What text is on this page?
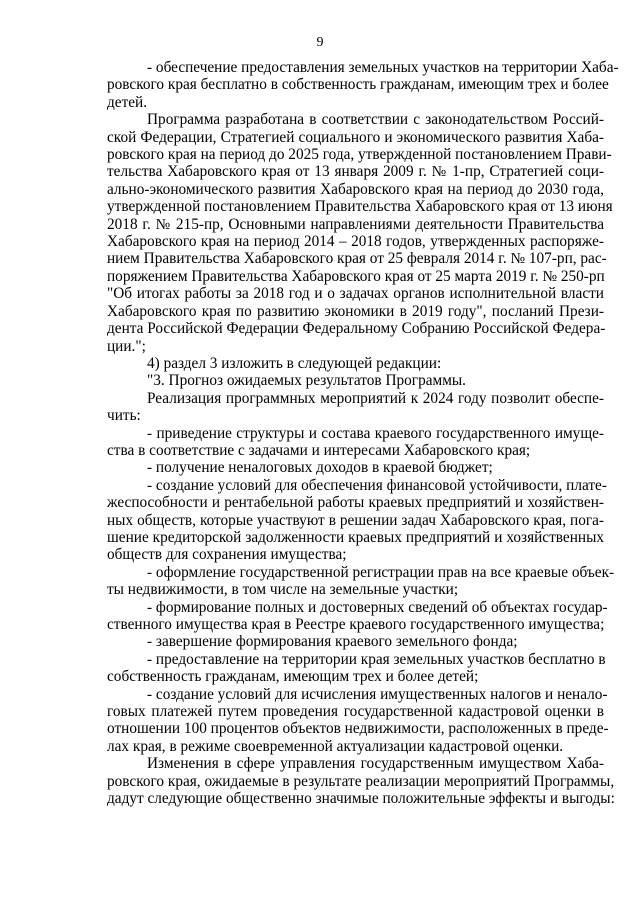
9
- обеспечение предоставления земельных участков на территории Хаба-
ровского края бесплатно в собственность гражданам, имеющим трех и более
детей.
Программа разработана в соответствии с законодательством Россий-
ской Федерации, Стратегией социального и экономического развития Хаба-
ровского края на период до 2025 года, утвержденной постановлением Прави-
тельства Хабаровского края от 13 января 2009 г. № 1-пр, Стратегией соци-
ально-экономического развития Хабаровского края на период до 2030 года,
утвержденной постановлением Правительства Хабаровского края от 13 июня
2018 г. № 215-пр, Основными направлениями деятельности Правительства
Хабаровского края на период 2014 – 2018 годов, утвержденных распоряже-
нием Правительства Хабаровского края от 25 февраля 2014 г. № 107-рп, рас-
поряжением Правительства Хабаровского края от 25 марта 2019 г. № 250-рп
"Об итогах работы за 2018 год и о задачах органов исполнительной власти
Хабаровского края по развитию экономики в 2019 году", посланий Прези-
дента Российской Федерации Федеральному Собранию Российской Федера-
ции.";
4) раздел 3 изложить в следующей редакции:
"3. Прогноз ожидаемых результатов Программы.
Реализация программных мероприятий к 2024 году позволит обеспе-
чить:
- приведение структуры и состава краевого государственного имуще-
ства в соответствие с задачами и интересами Хабаровского края;
- получение неналоговых доходов в краевой бюджет;
- создание условий для обеспечения финансовой устойчивости, плате-
жеспособности и рентабельной работы краевых предприятий и хозяйствен-
ных обществ, которые участвуют в решении задач Хабаровского края, пога-
шение кредиторской задолженности краевых предприятий и хозяйственных
обществ для сохранения имущества;
- оформление государственной регистрации прав на все краевые объек-
ты недвижимости, в том числе на земельные участки;
- формирование полных и достоверных сведений об объектах государ-
ственного имущества края в Реестре краевого государственного имущества;
- завершение формирования краевого земельного фонда;
- предоставление на территории края земельных участков бесплатно в
собственность гражданам, имеющим трех и более детей;
- создание условий для исчисления имущественных налогов и ненало-
говых платежей путем проведения государственной кадастровой оценки в
отношении 100 процентов объектов недвижимости, расположенных в преде-
лах края, в режиме своевременной актуализации кадастровой оценки.
Изменения в сфере управления государственным имуществом Хаба-
ровского края, ожидаемые в результате реализации мероприятий Программы,
дадут следующие общественно значимые положительные эффекты и выгоды:
